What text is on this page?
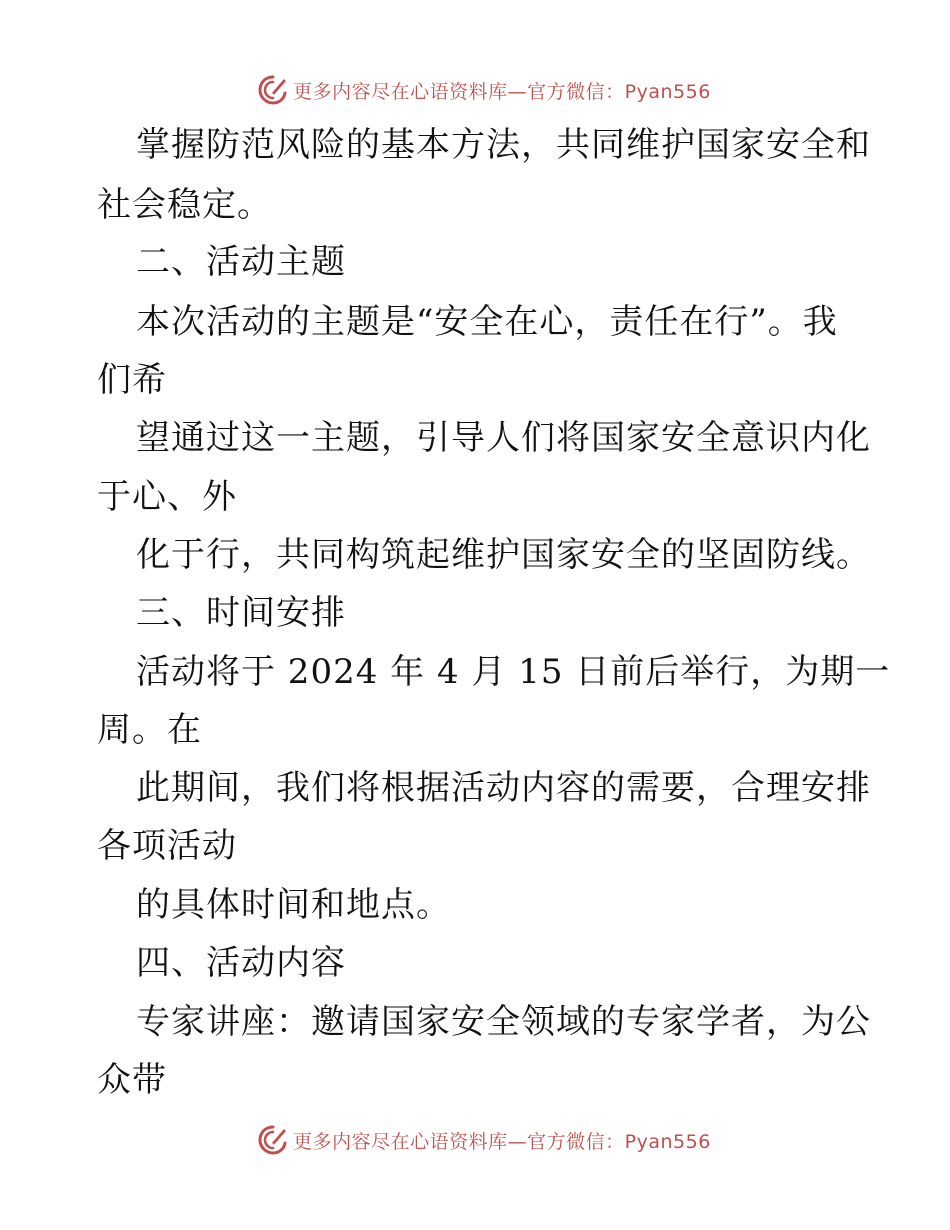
更多内容尽在心语资料库—官方微信：Pyan556
掌握防范风险的基本方法，共同维护国家安全和
社会稳定。
二、活动主题
本次活动的主题是“安全在心，责任在行”。我
们希
望通过这一主题，引导人们将国家安全意识内化
于心、外
化于行，共同构筑起维护国家安全的坚固防线。
三、时间安排
活动将于 2024 年 4 月 15 日前后举行，为期一
周。在
此期间，我们将根据活动内容的需要，合理安排
各项活动
的具体时间和地点。
四、活动内容
专家讲座：邀请国家安全领域的专家学者，为公
众带
更多内容尽在心语资料库—官方微信：Pyan556
